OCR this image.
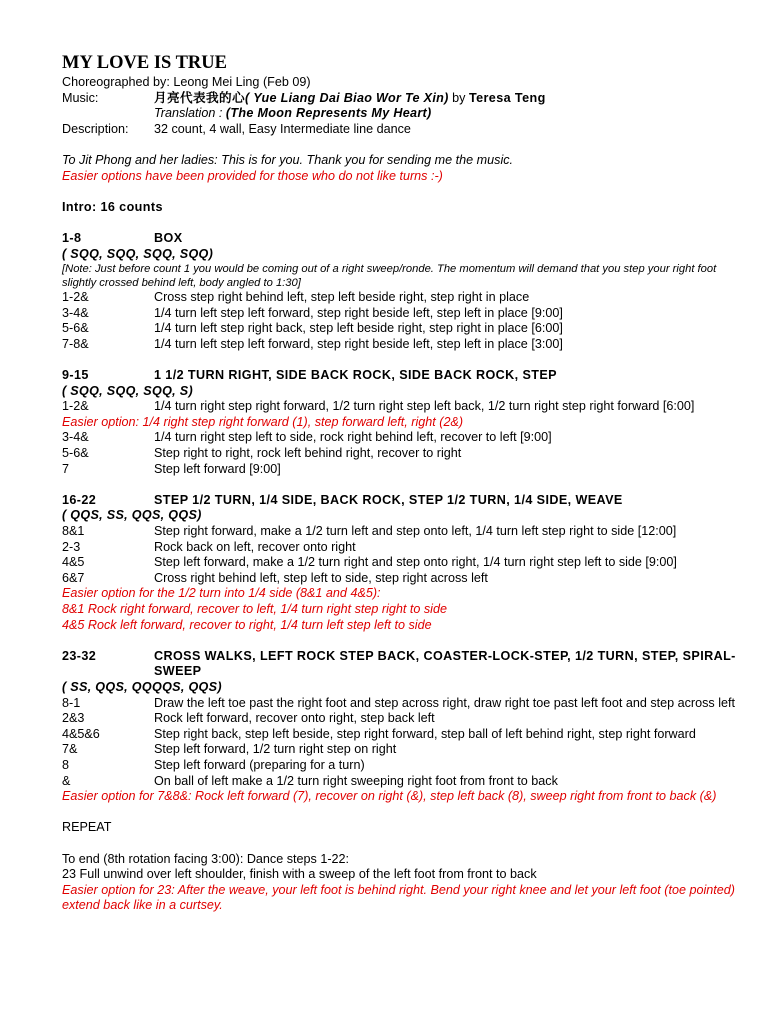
MY LOVE IS TRUE
Choreographed by: Leong Mei Ling (Feb 09)
Music:	月亮代表我的心( Yue Liang Dai Biao Wor Te Xin) by Teresa Teng
Translation : (The Moon Represents My Heart)
Description:	32 count, 4 wall, Easy Intermediate line dance
To Jit Phong and her ladies: This is for you. Thank you for sending me the music.
Easier options have been provided for those who do not like turns :-)
Intro: 16 counts
1-8	BOX
( SQQ, SQQ, SQQ, SQQ)
[Note: Just before count 1 you would be coming out of a right sweep/ronde. The momentum will demand that you step your right foot slightly crossed behind left, body angled to 1:30]
1-2&	Cross step right behind left, step left beside right, step right in place
3-4&	1/4 turn left step left forward, step right beside left, step left in place [9:00]
5-6&	1/4 turn left step right back, step left beside right, step right in place [6:00]
7-8&	1/4 turn left step left forward, step right beside left, step left in place [3:00]
9-15	1 1/2 TURN RIGHT, SIDE BACK ROCK, SIDE BACK ROCK, STEP
( SQQ, SQQ, SQQ, S)
1-2&	1/4 turn right step right forward, 1/2 turn right step left back, 1/2 turn right step right forward [6:00]
Easier option: 1/4 right step right forward (1), step forward left, right (2&)
3-4&	1/4 turn right step left to side, rock right behind left, recover to left [9:00]
5-6&	Step right to right, rock left behind right, recover to right
7	Step left forward [9:00]
16-22	STEP 1/2 TURN, 1/4 SIDE, BACK ROCK, STEP 1/2 TURN, 1/4 SIDE, WEAVE
( QQS, SS, QQS, QQS)
8&1	Step right forward, make a 1/2 turn left and step onto left, 1/4 turn left step right to side [12:00]
2-3	Rock back on left, recover onto right
4&5	Step left forward, make a 1/2 turn right and step onto right, 1/4 turn right step left to side [9:00]
6&7	Cross right behind left, step left to side, step right across left
Easier option for the 1/2 turn into 1/4 side (8&1 and 4&5):
8&1 Rock right forward, recover to left, 1/4 turn right step right to side
4&5 Rock left forward, recover to right, 1/4 turn left step left to side
23-32	CROSS WALKS, LEFT ROCK STEP BACK, COASTER-LOCK-STEP, 1/2 TURN, STEP, SPIRAL-SWEEP
( SS, QQS, QQQQS, QQS)
8-1	Draw the left toe past the right foot and step across right, draw right toe past left foot and step across left
2&3	Rock left forward, recover onto right, step back left
4&5&6	Step right back, step left beside, step right forward, step ball of left behind right, step right forward
7&	Step left forward, 1/2 turn right step on right
8	Step left forward (preparing for a turn)
&	On ball of left make a 1/2 turn right sweeping right foot from front to back
Easier option for 7&8&: Rock left forward (7), recover on right (&), step left back (8), sweep right from front to back (&)
REPEAT
To end (8th rotation facing 3:00): Dance steps 1-22:
23 Full unwind over left shoulder, finish with a sweep of the left foot from front to back
Easier option for 23: After the weave, your left foot is behind right. Bend your right knee and let your left foot (toe pointed) extend back like in a curtsey.
